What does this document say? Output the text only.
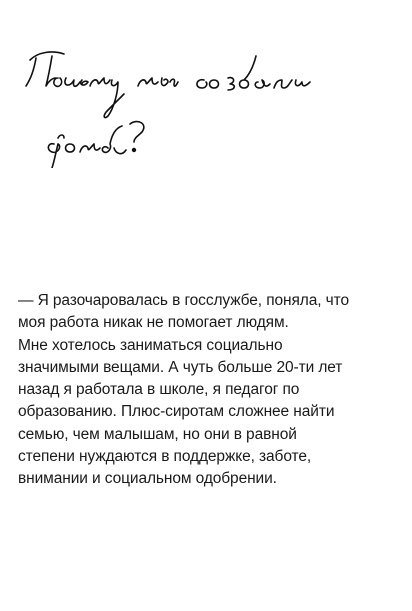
— Я разочаровалась в госслужбе, поняла, что
моя работа никак не помогает людям.
Мне хотелось заниматься социально
значимыми вещами. А чуть больше 20-ти лет
назад я работала в школе, я педагог по
образованию. Плюс-сиротам сложнее найти
семью, чем малышам, но они в равной
степени нуждаются в поддержке, заботе,
внимании и социальном одобрении.
